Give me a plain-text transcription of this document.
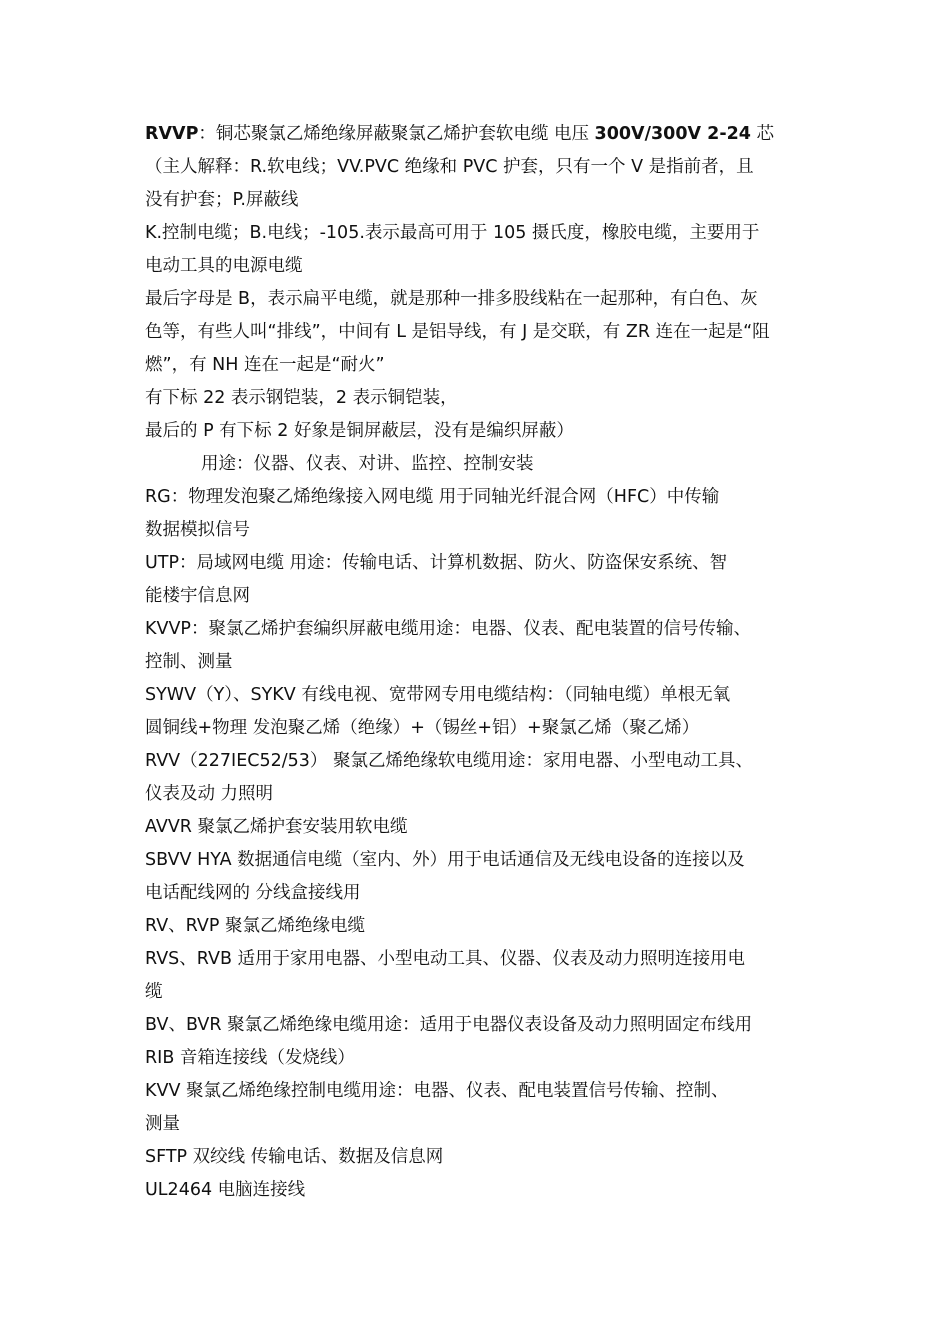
RVVP：铜芯聚氯乙烯绝缘屏蔽聚氯乙烯护套软电缆 电压 300V/300V 2-24 芯
（主人解释：R.软电线；VV.PVC 绝缘和 PVC 护套，只有一个 V 是指前者，且
没有护套；P.屏蔽线
K.控制电缆；B.电线；-105.表示最高可用于 105 摄氏度，橡胶电缆，主要用于
电动工具的电源电缆
最后字母是 B，表示扁平电缆，就是那种一排多股线粘在一起那种，有白色、灰
色等，有些人叫“排线”，中间有 L 是铝导线，有 J 是交联，有 ZR 连在一起是“阻
燃”，有 NH 连在一起是“耐火”
有下标 22 表示钢铠装，2 表示铜铠装，
最后的 P 有下标 2 好象是铜屏蔽层，没有是编织屏蔽）
用途：仪器、仪表、对讲、监控、控制安装
RG：物理发泡聚乙烯绝缘接入网电缆 用于同轴光纤混合网（HFC）中传输
数据模拟信号
UTP：局域网电缆 用途：传输电话、计算机数据、防火、防盗保安系统、智
能楼宇信息网
KVVP：聚氯乙烯护套编织屏蔽电缆用途：电器、仪表、配电装置的信号传输、
控制、测量
SYWV（Y）、SYKV 有线电视、宽带网专用电缆结构：（同轴电缆）单根无氧
圆铜线+物理 发泡聚乙烯（绝缘）+（锡丝+铝）+聚氯乙烯（聚乙烯）
RVV（227IEC52/53） 聚氯乙烯绝缘软电缆用途：家用电器、小型电动工具、
仪表及动 力照明
AVVR 聚氯乙烯护套安装用软电缆
SBVV HYA 数据通信电缆（室内、外）用于电话通信及无线电设备的连接以及
电话配线网的 分线盒接线用
RV、RVP 聚氯乙烯绝缘电缆
RVS、RVB 适用于家用电器、小型电动工具、仪器、仪表及动力照明连接用电
缆
BV、BVR 聚氯乙烯绝缘电缆用途：适用于电器仪表设备及动力照明固定布线用
RIB 音箱连接线（发烧线）
KVV 聚氯乙烯绝缘控制电缆用途：电器、仪表、配电装置信号传输、控制、
测量
SFTP 双绞线 传输电话、数据及信息网
UL2464 电脑连接线
